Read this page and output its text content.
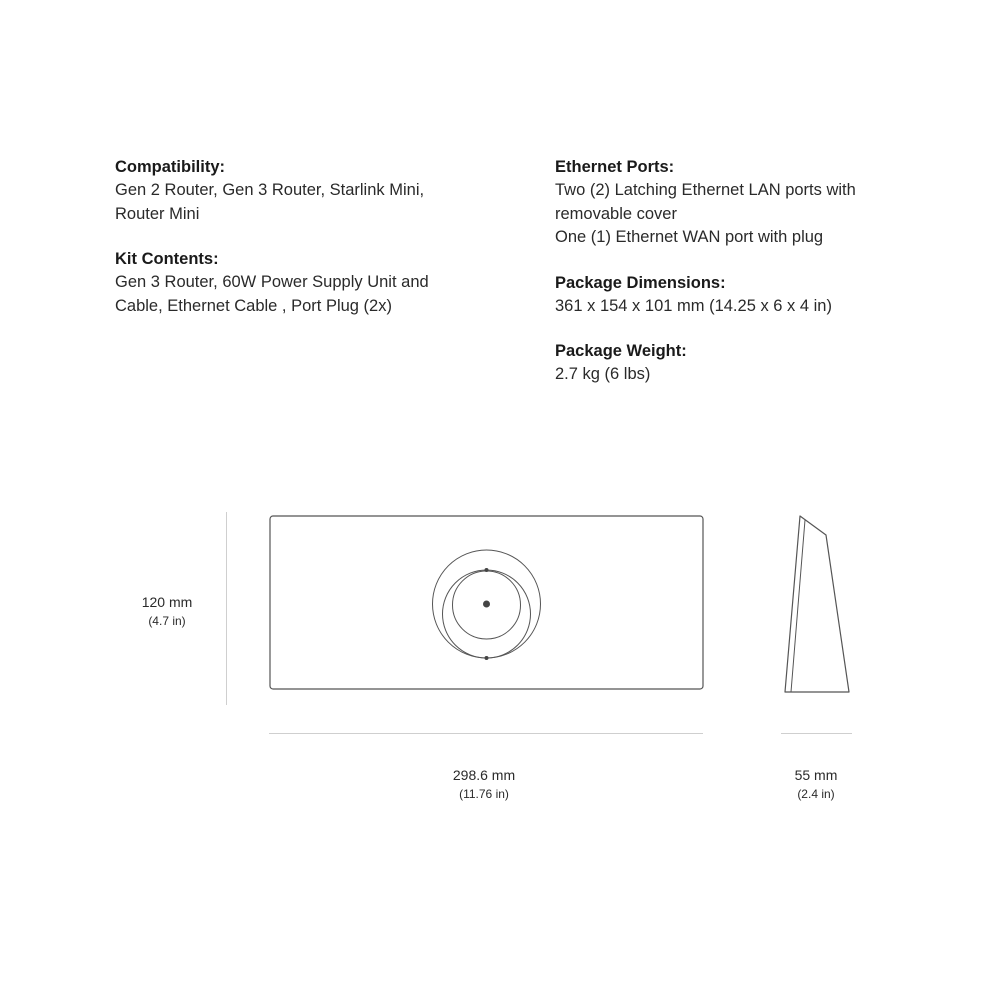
Compatibility:
Gen 2 Router, Gen 3 Router, Starlink Mini,
Router Mini
Kit Contents:
Gen 3 Router, 60W Power Supply Unit and
Cable, Ethernet Cable , Port Plug (2x)
Ethernet Ports:
Two (2) Latching Ethernet LAN ports with
removable cover
One (1) Ethernet WAN port with plug
Package Dimensions:
361 x 154 x 101 mm (14.25 x 6 x 4 in)
Package Weight:
2.7 kg (6 lbs)
120 mm
(4.7 in)
298.6 mm
(11.76 in)
55 mm
(2.4 in)
